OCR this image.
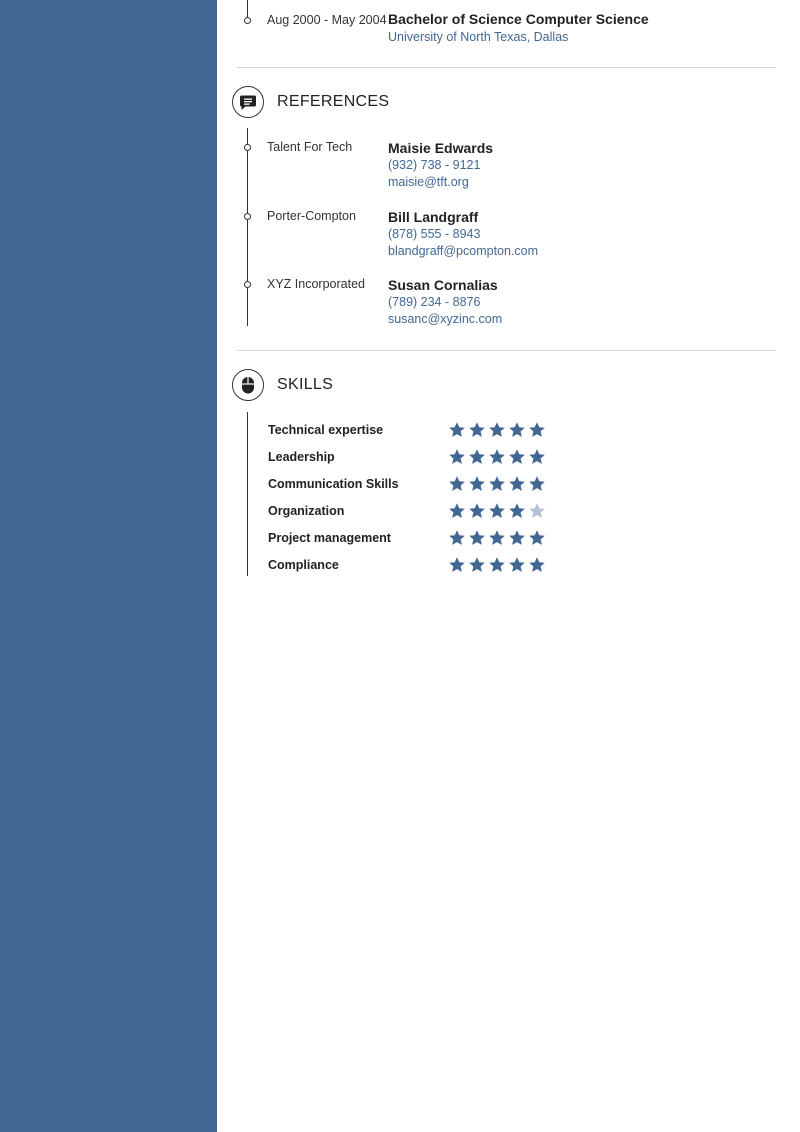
Aug 2000 - May 2004 Bachelor of Science Computer Science
University of North Texas, Dallas
REFERENCES
Talent For Tech	Maisie Edwards
(932) 738 - 9121
maisie@tft.org
Porter-Compton Bill Landgraff
(878) 555 - 8943
blandgraff@pcompton.com
XYZ Incorporated Susan Cornalias
(789) 234 - 8876
susanc@xyzinc.com
SKILLS
Technical expertise
Leadership
Communication Skills
Organization
Project management
Compliance
